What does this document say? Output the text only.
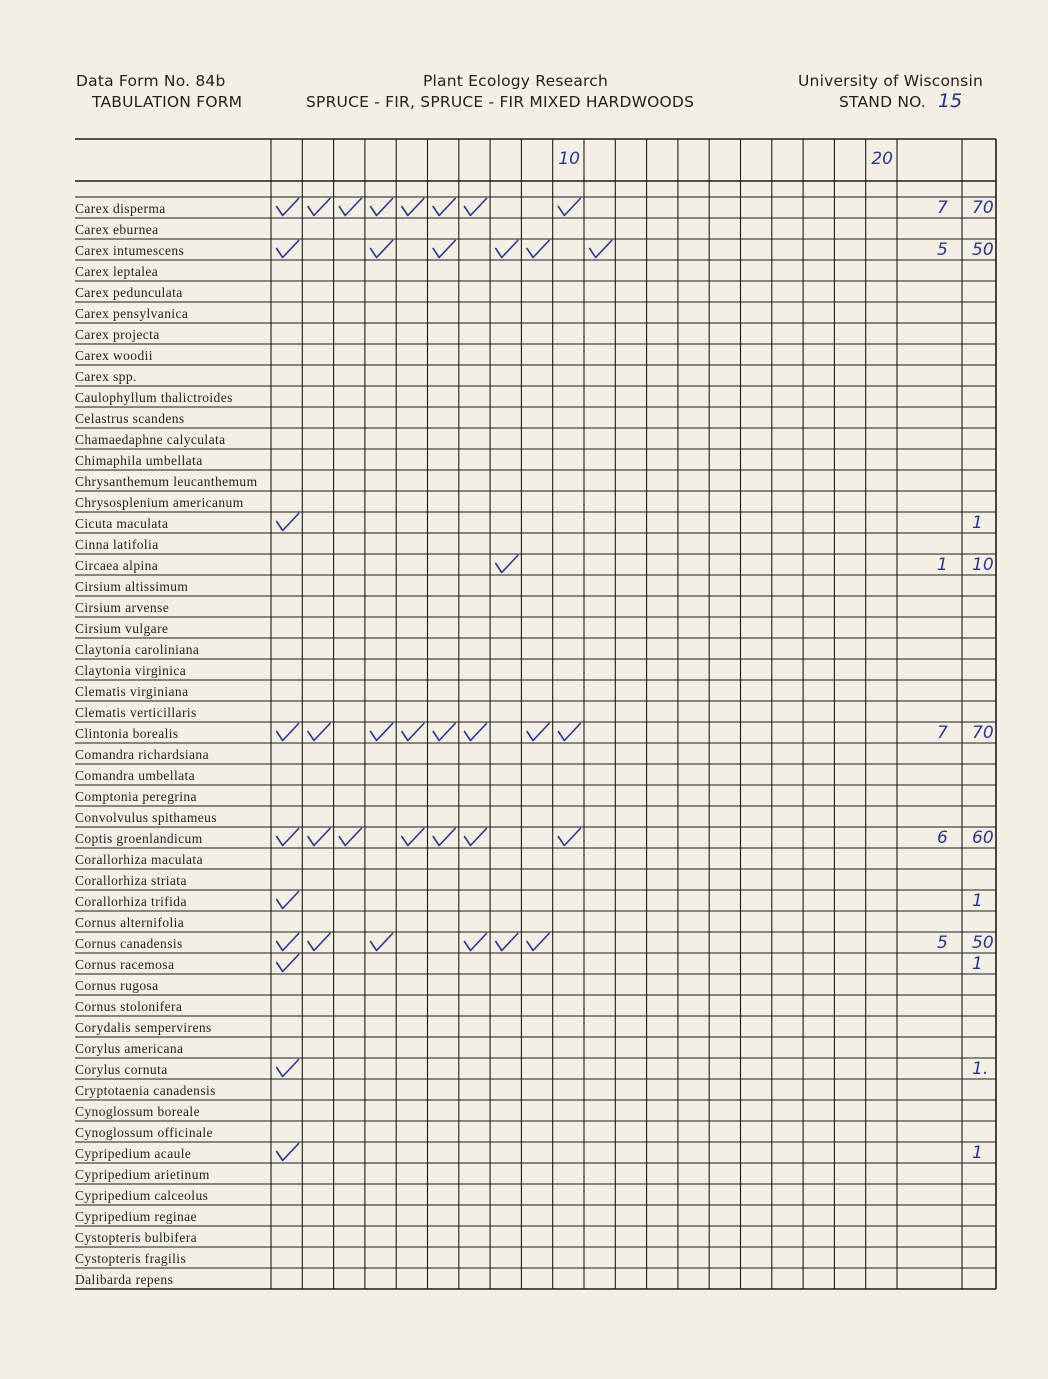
Data Form No. 84b
TABULATION FORM
Plant Ecology Research
SPRUCE - FIR, SPRUCE - FIR MIXED HARDWOODS
University of Wisconsin
STAND NO. 15
10	20
Carex disperma	7 70
Carex eburnea
Carex intumescens	5 50
Carex leptalea
Carex pedunculata
Carex pensylvanica
Carex projecta
Carex woodii
Carex spp.
Caulophyllum thalictroides
Celastrus scandens
Chamaedaphne calyculata
Chimaphila umbellata
Chrysanthemum leucanthemum
Chrysosplenium americanum
Cicuta maculata	1
Cinna latifolia
Circaea alpina	1 10
Cirsium altissimum
Cirsium arvense
Cirsium vulgare
Claytonia caroliniana
Claytonia virginica
Clematis virginiana
Clematis verticillaris
Clintonia borealis	7 70
Comandra richardsiana
Comandra umbellata
Comptonia peregrina
Convolvulus spithameus
Coptis groenlandicum	6 60
Corallorhiza maculata
Corallorhiza striata
Corallorhiza trifida	1
Cornus alternifolia
Cornus canadensis	5 50
Cornus racemosa	1
Cornus rugosa
Cornus stolonifera
Corydalis sempervirens
Corylus americana
Corylus cornuta	1.
Cryptotaenia canadensis
Cynoglossum boreale
Cynoglossum officinale
Cypripedium acaule	1
Cypripedium arietinum
Cypripedium calceolus
Cypripedium reginae
Cystopteris bulbifera
Cystopteris fragilis
Dalibarda repens
